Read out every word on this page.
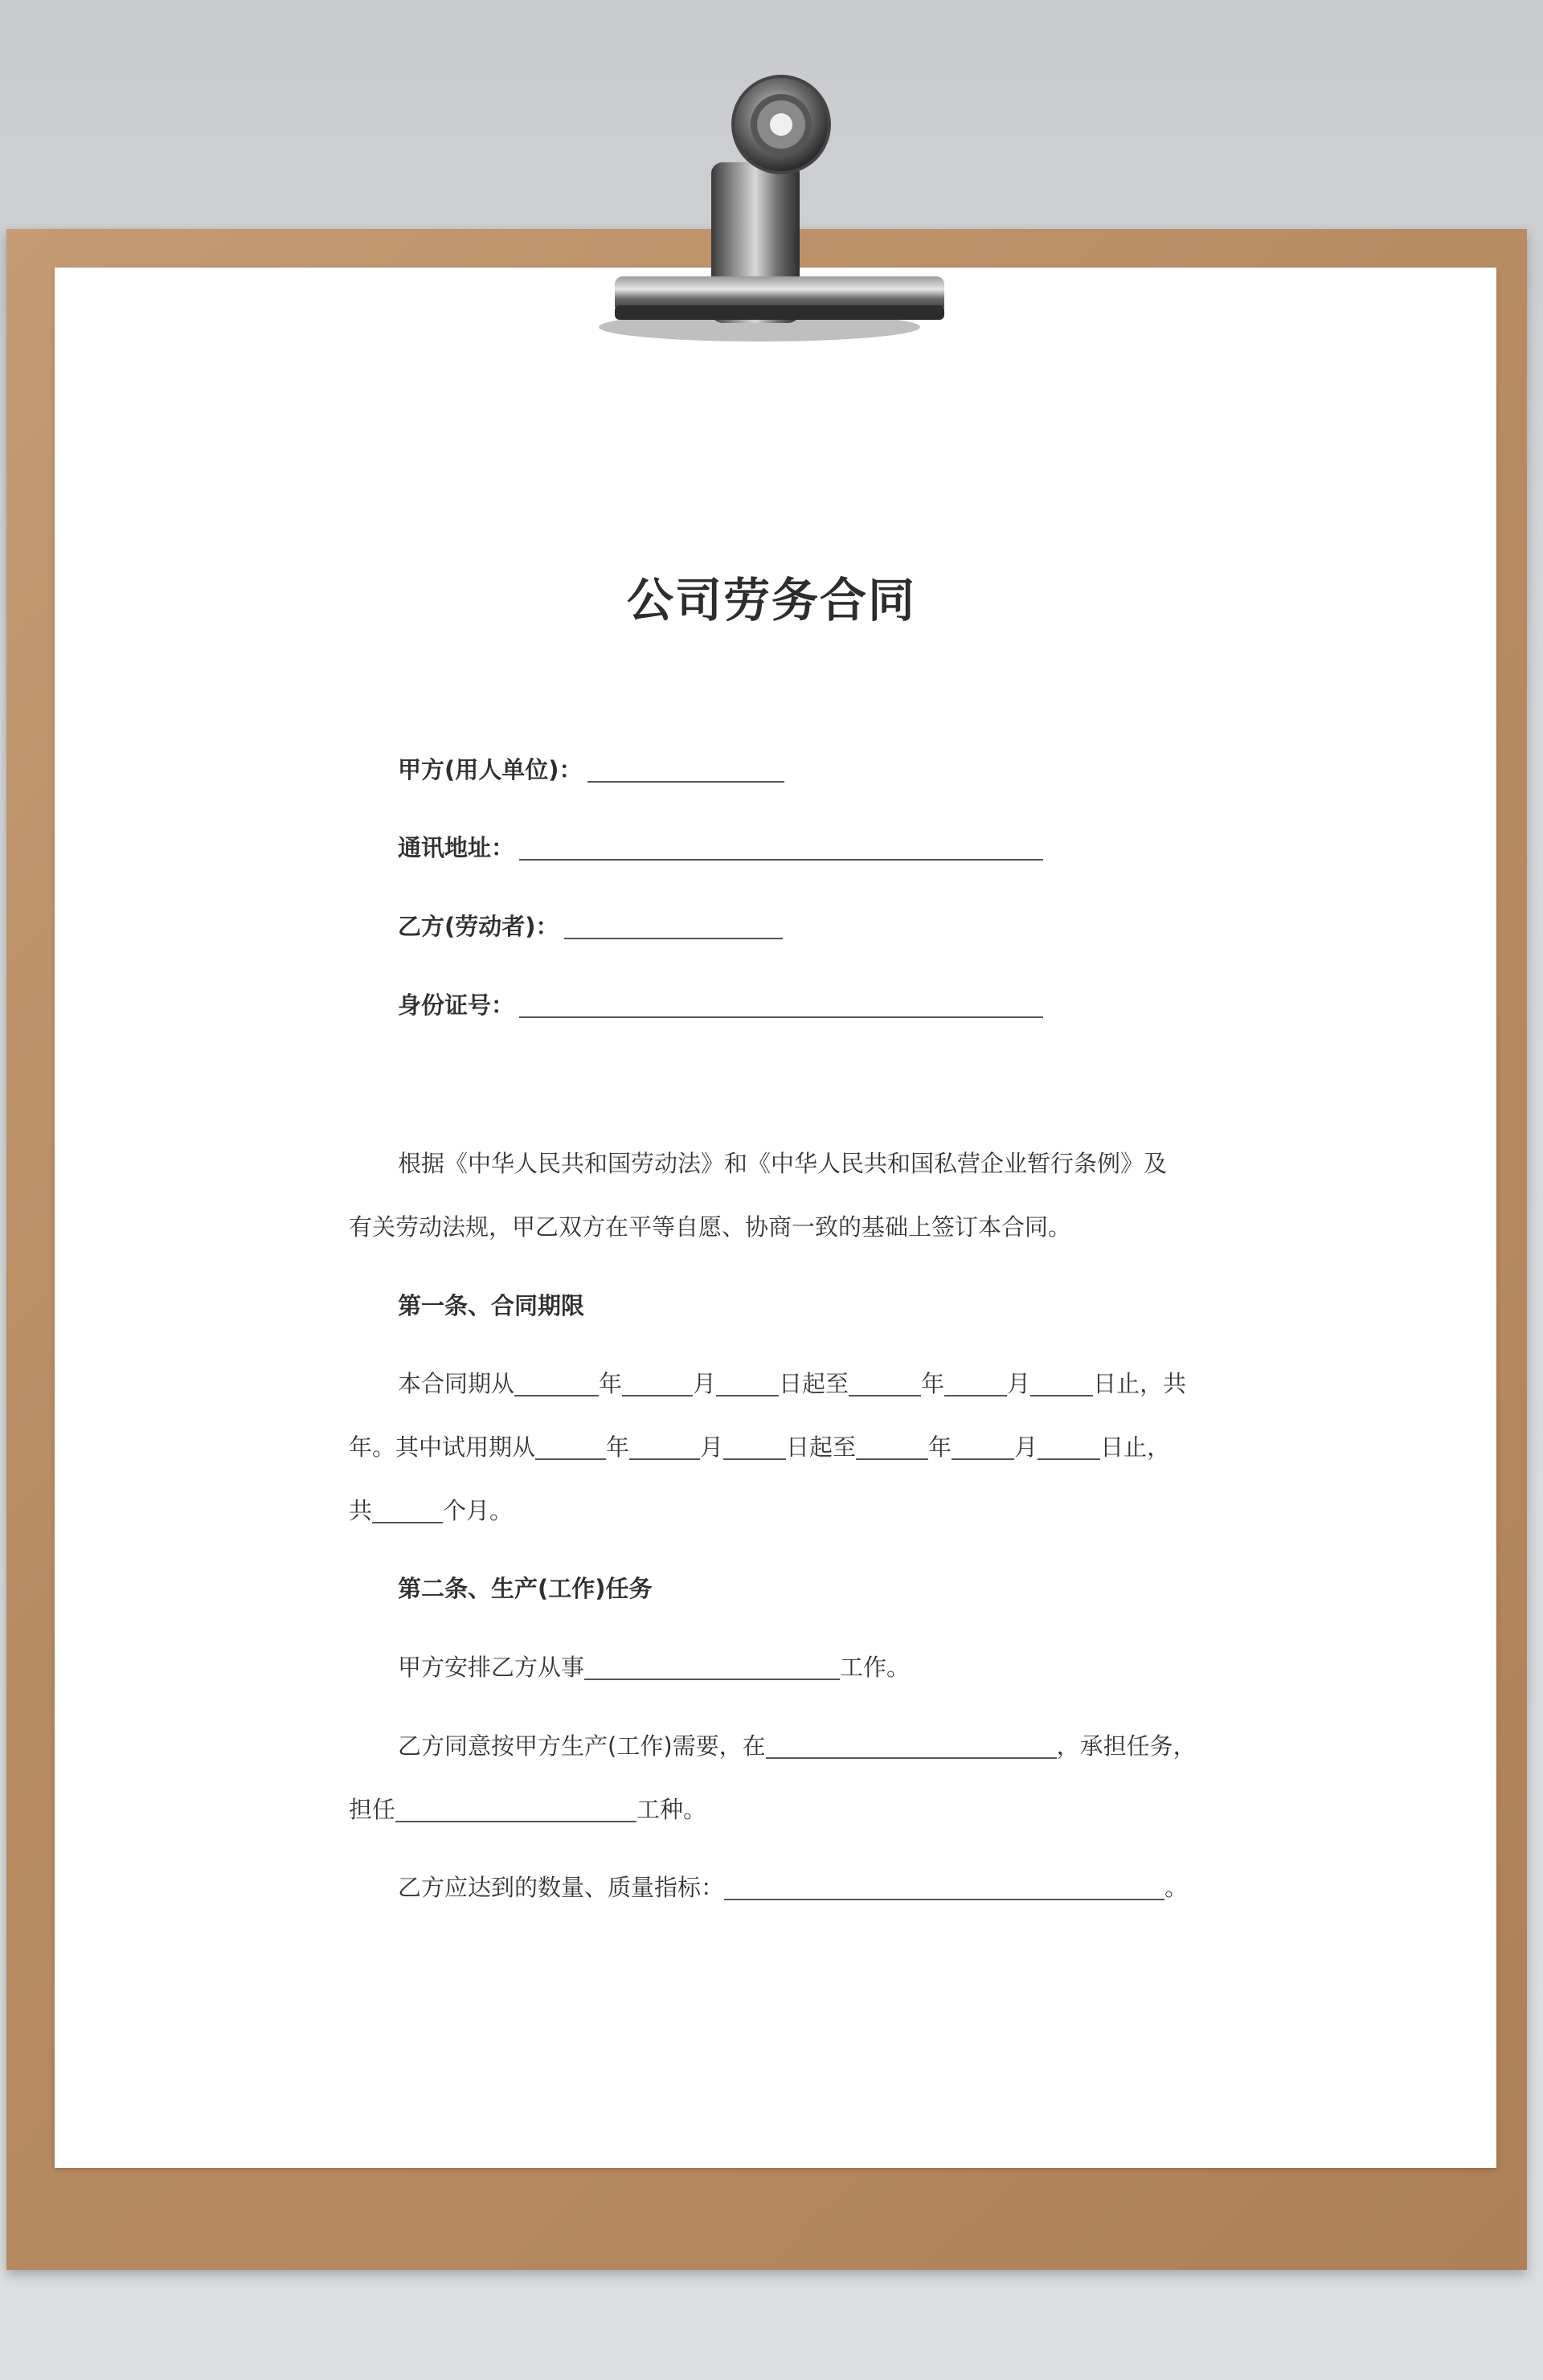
公司劳务合同
甲方(用人单位)：
通讯地址：
乙方(劳动者)：
身份证号：
根据《中华人民共和国劳动法》和《中华人民共和国私营企业暂行条例》及
有关劳动法规，甲乙双方在平等自愿、协商一致的基础上签订本合同。
第一条、合同期限
本合同期从	年	月	日起至	年	月	日止，共
年。其中试用期从	年	月	日起至	年	月	日止，
共	个月。
第二条、生产(工作)任务
甲方安排乙方从事	工作。
乙方同意按甲方生产(工作)需要，在	，承担任务，
担任	工种。
乙方应达到的数量、质量指标：	。
